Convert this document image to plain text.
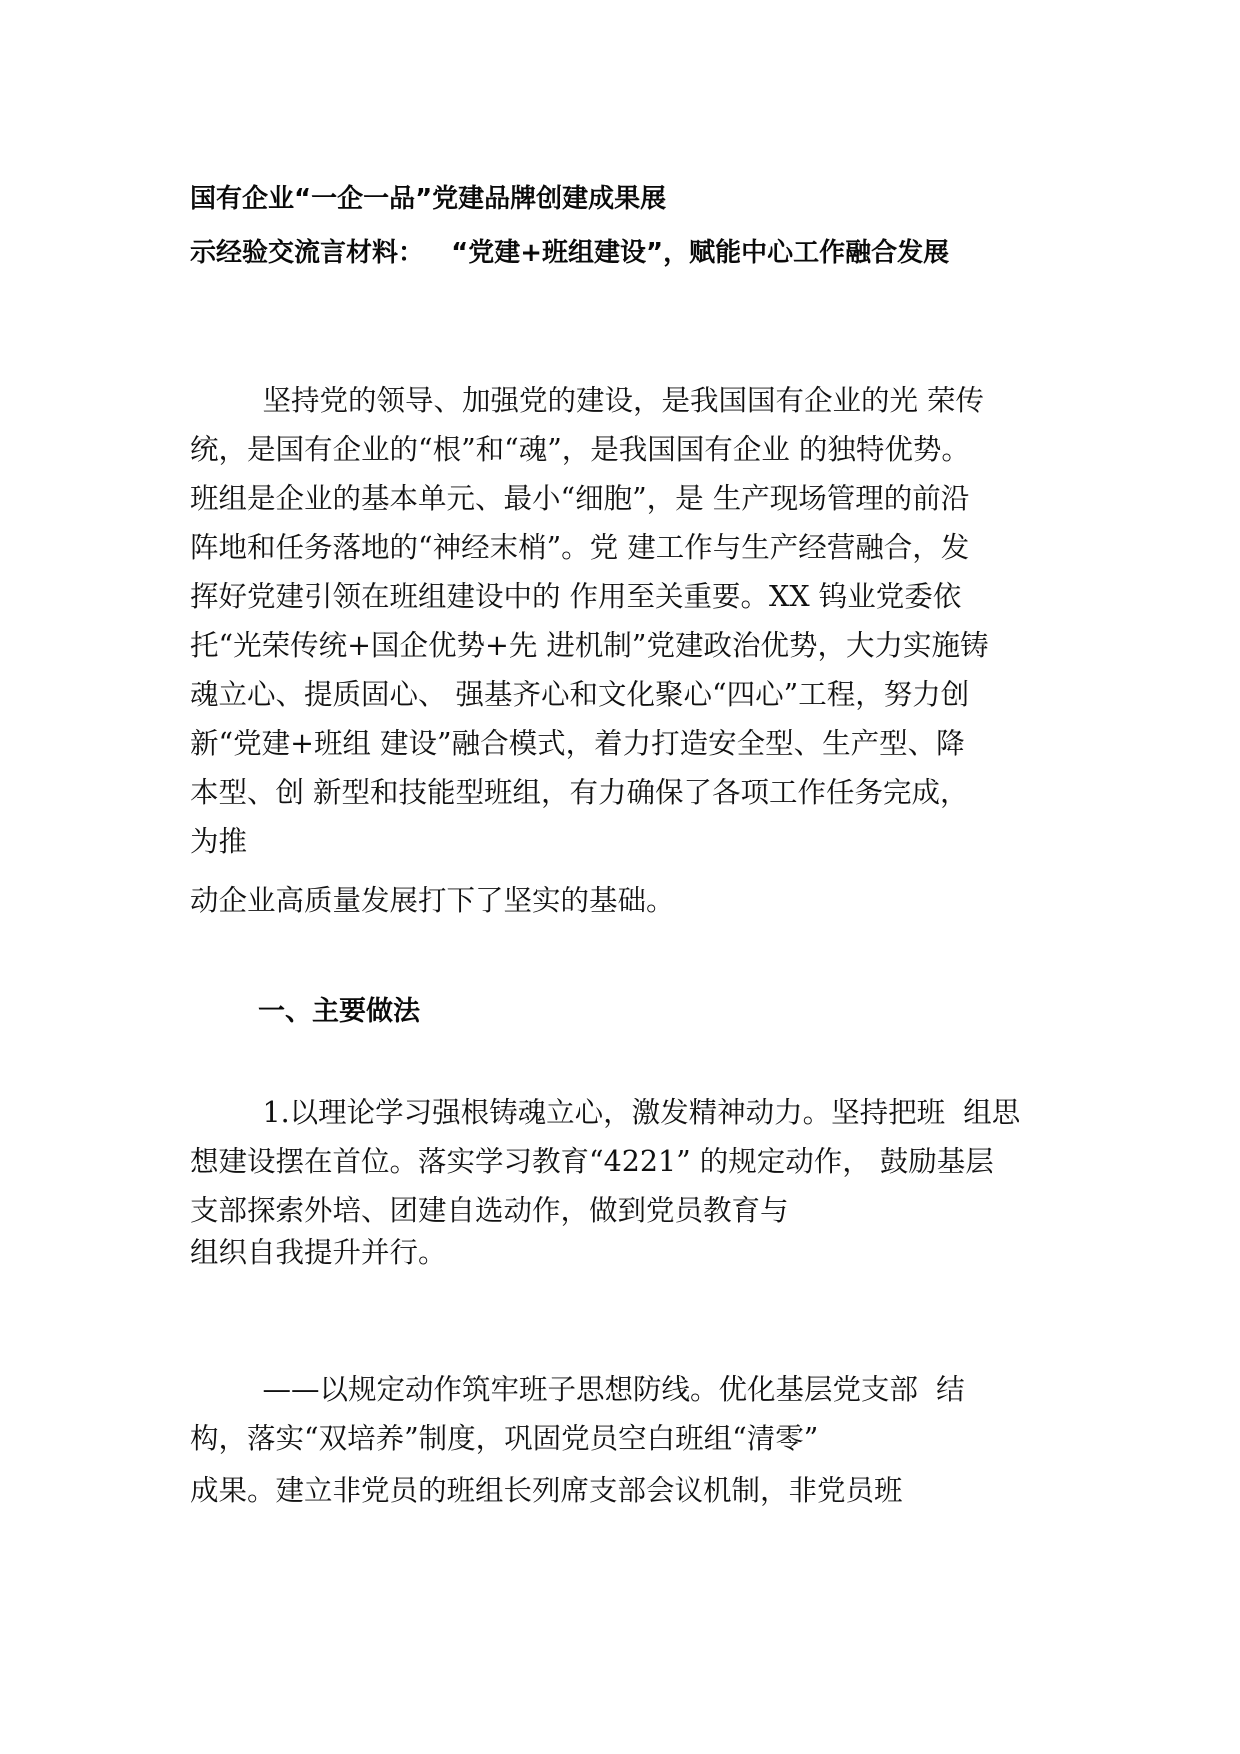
国有企业“一企一品”党建品牌创建成果展
示经验交流言材料：   “党建+班组建设”，赋能中心工作融合发展

坚持党的领导、加强党的建设，是我国国有企业的光 荣传
统，是国有企业的“根”和“魂”，是我国国有企业 的独特优势。
班组是企业的基本单元、最小“细胞”，是 生产现场管理的前沿
阵地和任务落地的“神经末梢”。党 建工作与生产经营融合，发
挥好党建引领在班组建设中的 作用至关重要。XX 钨业党委依
托“光荣传统+国企优势+先 进机制”党建政治优势，大力实施铸
魂立心、提质固心、 强基齐心和文化聚心“四心”工程，努力创
新“党建+班组 建设”融合模式，着力打造安全型、生产型、降
本型、创 新型和技能型班组，有力确保了各项工作任务完成，
为推

动企业高质量发展打下了坚实的基础。

一、主要做法

1.以理论学习强根铸魂立心，激发精神动力。坚持把班  组思
想建设摆在首位。落实学习教育“4221” 的规定动作， 鼓励基层
支部探索外培、团建自选动作，做到党员教育与

组织自我提升并行。

——以规定动作筑牢班子思想防线。优化基层党支部  结
构，落实“双培养”制度，巩固党员空白班组“清零”

成果。建立非党员的班组长列席支部会议机制，非党员班
